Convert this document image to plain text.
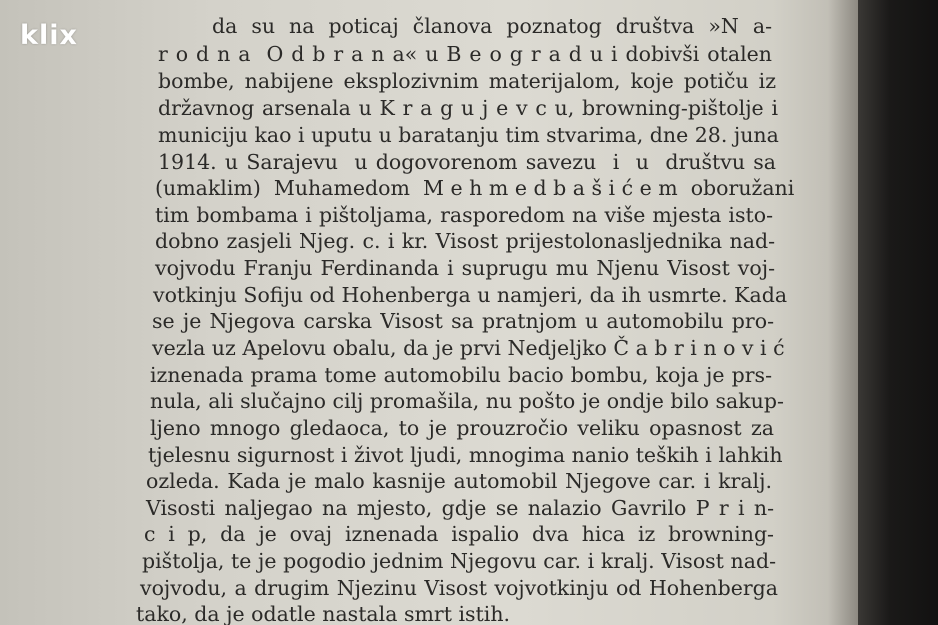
klix

	da su na poticaj članova poznatog društva »N a-

r o d n a  O d b r a n a« u B e o g r a d u i dobivši otalen

bombe, nabijene eksplozivnim materijalom, koje potiču iz

državnog arsenala u K r a g u j e v c u, browning-pištolje i

municiju kao i uputu u baratanju tim stvarima, dne 28. juna

1914. u Sarajevu  u dogovorenom savezu  i  u  društvu sa

(umaklim)  Muhamedom  M e h m e d b a š i ć e m  oboružani

tim bombama i pištoljama, rasporedom na više mjesta isto-

dobno zasjeli Njeg. c. i kr. Visost prijestolonasljednika nad-

vojvodu Franju Ferdinanda i suprugu mu Njenu Visost voj-

votkinju Sofiju od Hohenberga u namjeri, da ih usmrte. Kada

se je Njegova carska Visost sa pratnjom u automobilu pro-

vezla uz Apelovu obalu, da je prvi Nedjeljko Č a b r i n o v i ć

iznenada prama tome automobilu bacio bombu, koja je prs-

nula, ali slučajno cilj promašila, nu pošto je ondje bilo sakup-

ljeno mnogo gledaoca, to je prouzročio veliku opasnost za

tjelesnu sigurnost i život ljudi, mnogima nanio teških i lahkih

ozleda. Kada je malo kasnije automobil Njegove car. i kralj.

Visosti naljegao na mjesto, gdje se nalazio Gavrilo P r i n-

c i p, da je ovaj iznenada ispalio dva hica iz browning-

pištolja, te je pogodio jednim Njegovu car. i kralj. Visost nad-

vojvodu, a drugim Njezinu Visost vojvotkinju od Hohenberga

tako, da je odatle nastala smrt istih.
